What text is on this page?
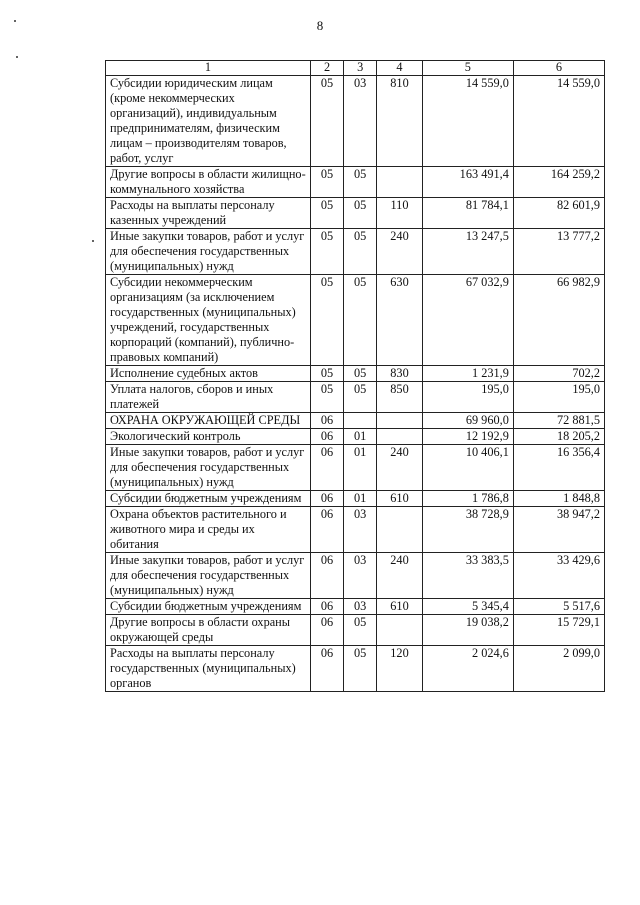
8
1	2	3	4	5	6
Субсидии юридическим лицам (кроме некоммерческих организаций), индивидуальным предпринимателям, физическим лицам – производителям товаров, работ, услуг	05	03	810	14 559,0	14 559,0
Другие вопросы в области жилищно-коммунального хозяйства	05	05		163 491,4	164 259,2
Расходы на выплаты персоналу казенных учреждений	05	05	110	81 784,1	82 601,9
Иные закупки товаров, работ и услуг для обеспечения государственных (муниципальных) нужд	05	05	240	13 247,5	13 777,2
Субсидии некоммерческим организациям (за исключением государственных (муниципальных) учреждений, государственных корпораций (компаний), публично-правовых компаний)	05	05	630	67 032,9	66 982,9
Исполнение судебных актов	05	05	830	1 231,9	702,2
Уплата налогов, сборов и иных платежей	05	05	850	195,0	195,0
ОХРАНА ОКРУЖАЮЩЕЙ СРЕДЫ	06			69 960,0	72 881,5
Экологический контроль	06	01		12 192,9	18 205,2
Иные закупки товаров, работ и услуг для обеспечения государственных (муниципальных) нужд	06	01	240	10 406,1	16 356,4
Субсидии бюджетным учреждениям	06	01	610	1 786,8	1 848,8
Охрана объектов растительного и животного мира и среды их обитания	06	03		38 728,9	38 947,2
Иные закупки товаров, работ и услуг для обеспечения государственных (муниципальных) нужд	06	03	240	33 383,5	33 429,6
Субсидии бюджетным учреждениям	06	03	610	5 345,4	5 517,6
Другие вопросы в области охраны окружающей среды	06	05		19 038,2	15 729,1
Расходы на выплаты персоналу государственных (муниципальных) органов	06	05	120	2 024,6	2 099,0
